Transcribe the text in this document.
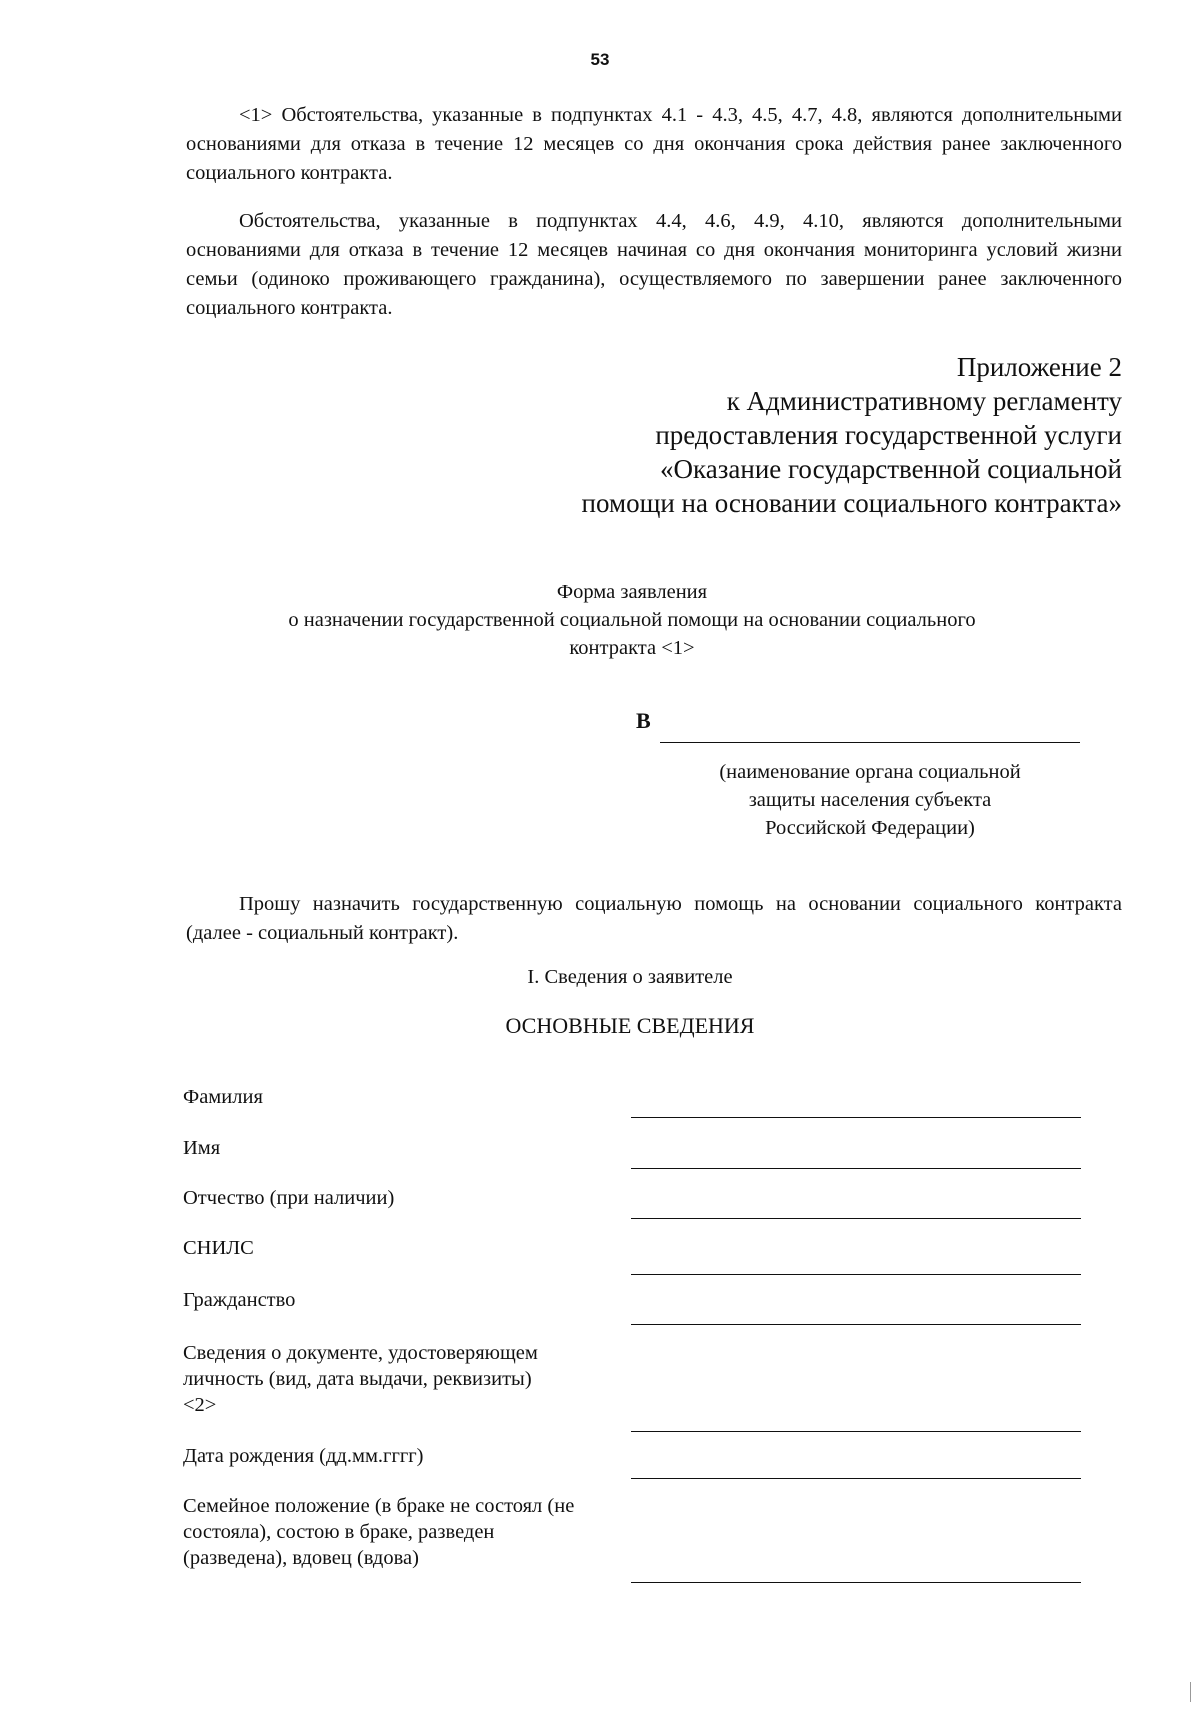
53

<1> Обстоятельства, указанные в подпунктах 4.1 - 4.3, 4.5, 4.7, 4.8, являются дополнительными основаниями для отказа в течение 12 месяцев со дня окончания срока действия ранее заключенного социального контракта.

Обстоятельства, указанные в подпунктах 4.4, 4.6, 4.9, 4.10, являются дополнительными основаниями для отказа в течение 12 месяцев начиная со дня окончания мониторинга условий жизни семьи (одиноко проживающего гражданина), осуществляемого по завершении ранее заключенного социального контракта.

Приложение 2
к Административному регламенту
предоставления государственной услуги
«Оказание государственной социальной
помощи на основании социального контракта»
Форма заявления
о назначении государственной социальной помощи на основании социального
контракта <1>
В
(наименование органа социальной
защиты населения субъекта
Российской Федерации)

Прошу назначить государственную социальную помощь на основании социального контракта (далее - социальный контракт).

I. Сведения о заявителе
ОСНОВНЫЕ СВЕДЕНИЯ
Фамилия
Имя
Отчество (при наличии)
СНИЛС
Гражданство
Сведения о документе, удостоверяющем личность (вид, дата выдачи, реквизиты) <2>
Дата рождения (дд.мм.гггг)
Семейное положение (в браке не состоял (не состояла), состою в браке, разведен (разведена), вдовец (вдова)
